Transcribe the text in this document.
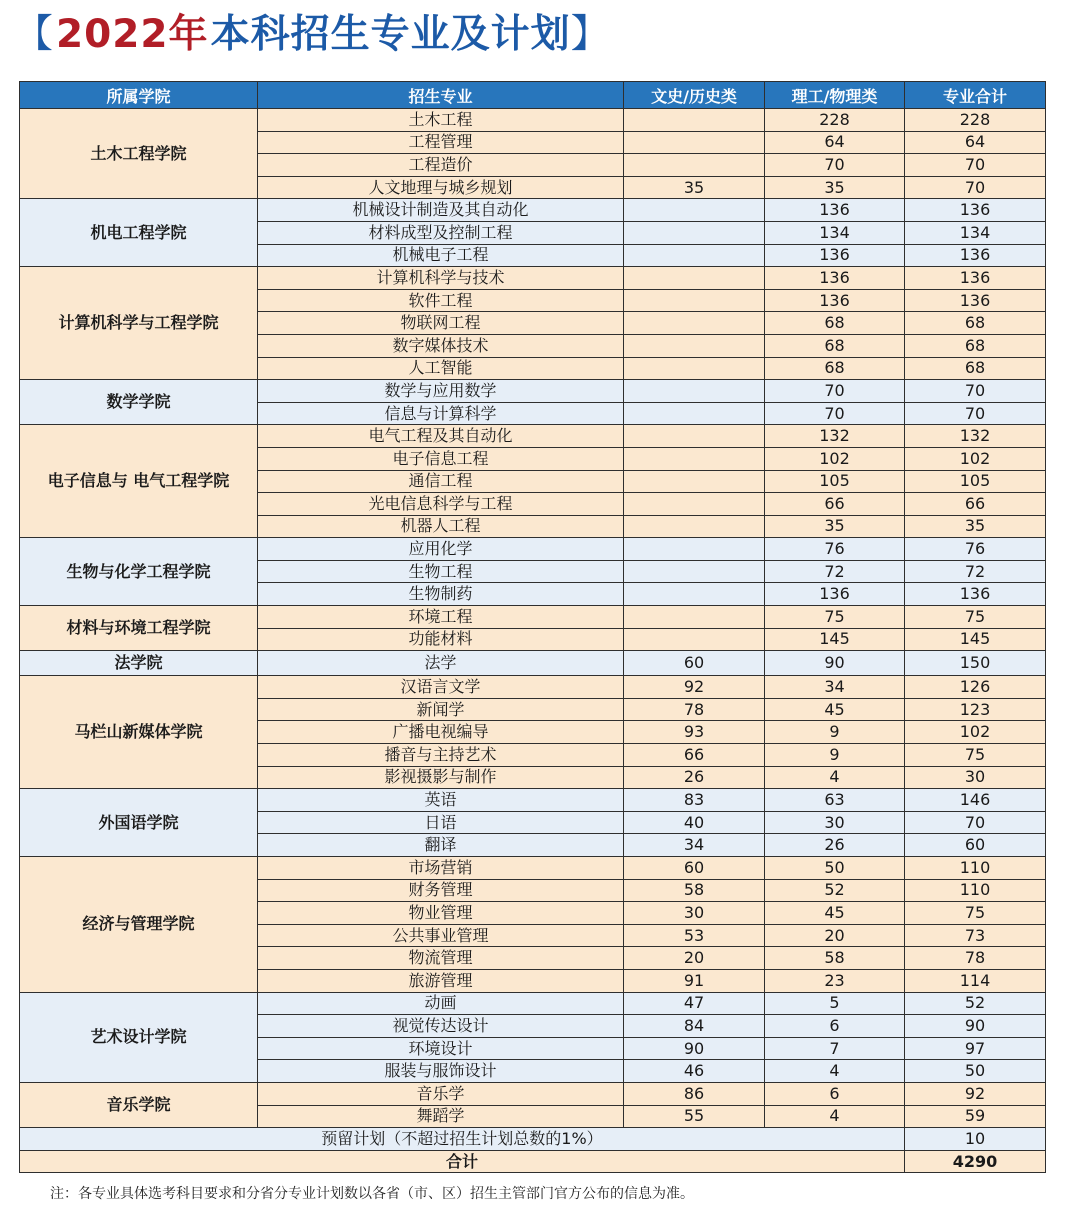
【 2022年 本科招生专业及计划 】
所属学院	招生专业	文史/历史类	理工/物理类	专业合计
土木工程学院	土木工程		228	228
	工程管理		64	64
	工程造价		70	70
	人文地理与城乡规划	35	35	70
机电工程学院	机械设计制造及其自动化		136	136
	材料成型及控制工程		134	134
	机械电子工程		136	136
计算机科学与工程学院	计算机科学与技术		136	136
	软件工程		136	136
	物联网工程		68	68
	数字媒体技术		68	68
	人工智能		68	68
数学学院	数学与应用数学		70	70
	信息与计算科学		70	70
电子信息与 电气工程学院	电气工程及其自动化		132	132
	电子信息工程		102	102
	通信工程		105	105
	光电信息科学与工程		66	66
	机器人工程		35	35
生物与化学工程学院	应用化学		76	76
	生物工程		72	72
	生物制药		136	136
材料与环境工程学院	环境工程		75	75
	功能材料		145	145
法学院	法学	60	90	150
马栏山新媒体学院	汉语言文学	92	34	126
	新闻学	78	45	123
	广播电视编导	93	9	102
	播音与主持艺术	66	9	75
	影视摄影与制作	26	4	30
外国语学院	英语	83	63	146
	日语	40	30	70
	翻译	34	26	60
经济与管理学院	市场营销	60	50	110
	财务管理	58	52	110
	物业管理	30	45	75
	公共事业管理	53	20	73
	物流管理	20	58	78
	旅游管理	91	23	114
艺术设计学院	动画	47	5	52
	视觉传达设计	84	6	90
	环境设计	90	7	97
	服装与服饰设计	46	4	50
音乐学院	音乐学	86	6	92
	舞蹈学	55	4	59
预留计划（不超过招生计划总数的1%）				10
合计				4290
注：各专业具体选考科目要求和分省分专业计划数以各省（市、区）招生主管部门官方公布的信息为准。
